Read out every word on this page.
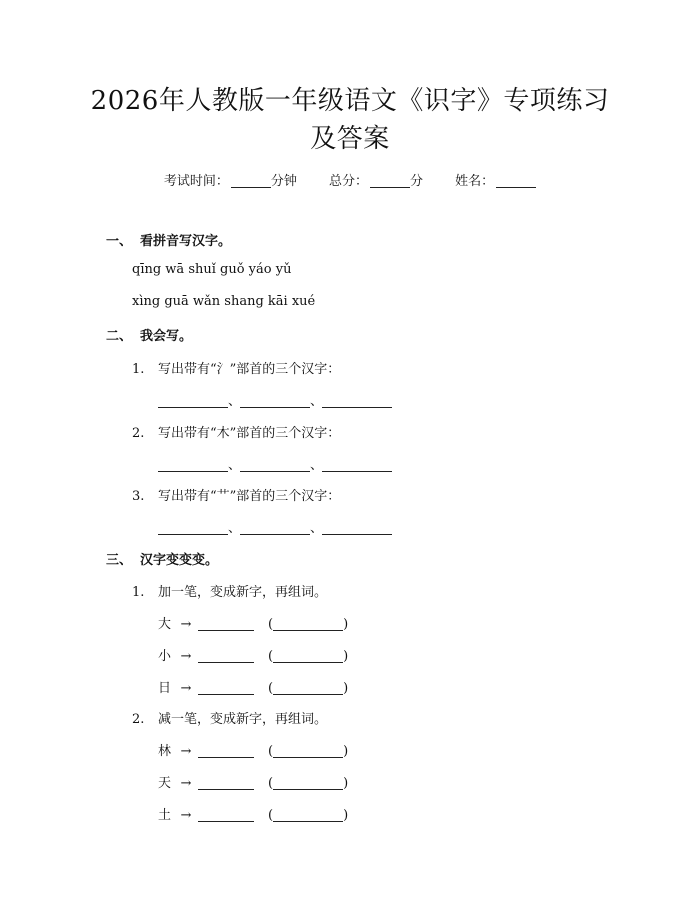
2026年人教版一年级语文《识字》专项练习
及答案
考试时间：	分钟 总分：	分 姓名：
一、 看拼音写汉字。
qīng wā shuǐ guǒ yáo yǔ
xìng guā wǎn shang kāi xué
二、 我会写。
1. 写出带有“氵”部首的三个汉字：
、	、
2. 写出带有“木”部首的三个汉字：
、	、
3. 写出带有“艹”部首的三个汉字：
、	、
三、 汉字变变变。
1. 加一笔，变成新字，再组词。
大 →	(	)
小 →	(	)
日 →	(	)
2. 减一笔，变成新字，再组词。
林 →	(	)
天 →	(	)
土 →	(	)
